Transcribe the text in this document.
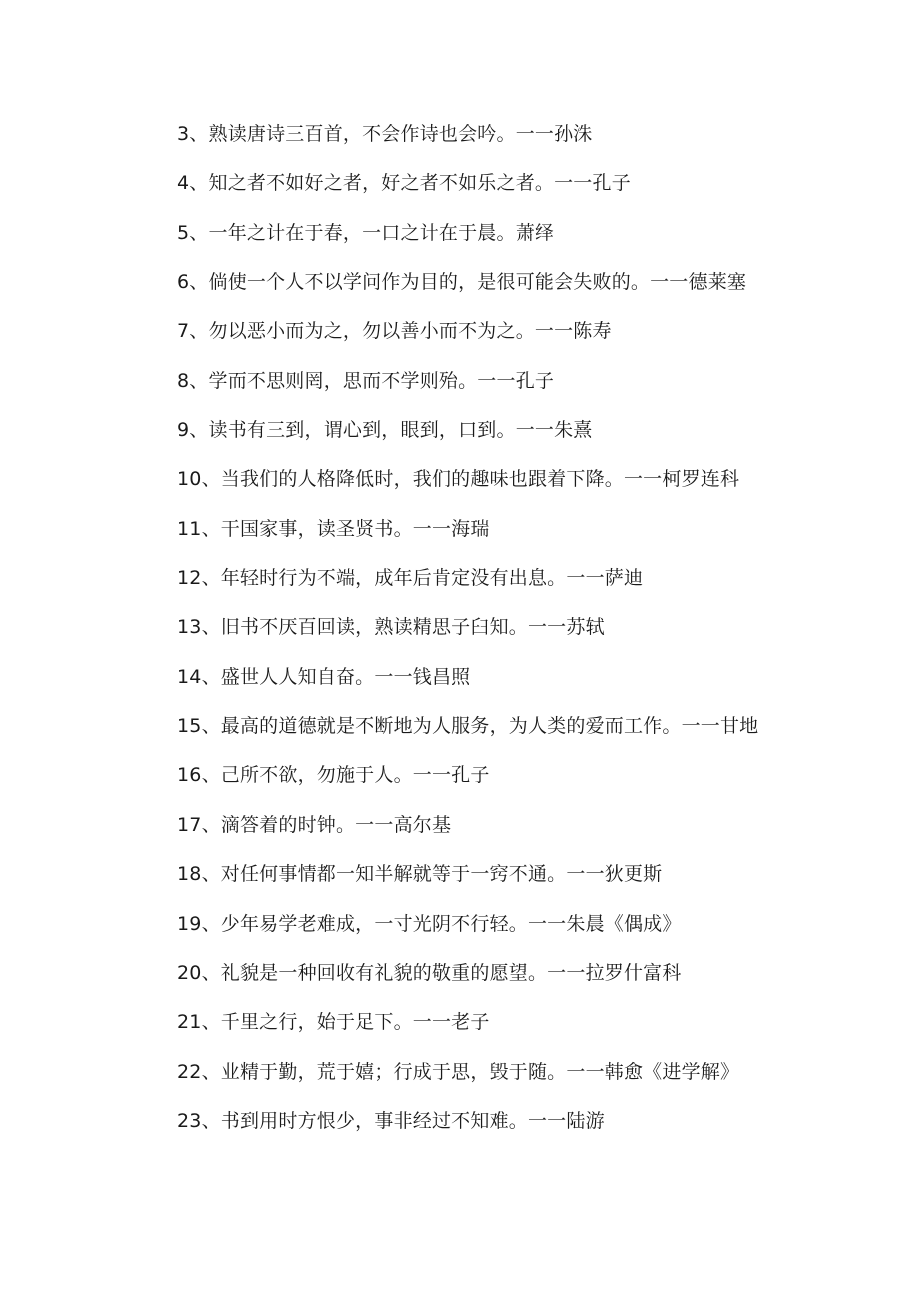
3、熟读唐诗三百首，不会作诗也会吟。一一孙洙
4、知之者不如好之者，好之者不如乐之者。一一孔子
5、一年之计在于春，一口之计在于晨。萧绎
6、倘使一个人不以学问作为目的，是很可能会失败的。一一德莱塞
7、勿以恶小而为之，勿以善小而不为之。一一陈寿
8、学而不思则罔，思而不学则殆。一一孔子
9、读书有三到，谓心到，眼到，口到。一一朱熹
10、当我们的人格降低时，我们的趣味也跟着下降。一一柯罗连科
11、干国家事，读圣贤书。一一海瑞
12、年轻时行为不端，成年后肯定没有出息。一一萨迪
13、旧书不厌百回读，熟读精思子臼知。一一苏轼
14、盛世人人知自奋。一一钱昌照
15、最高的道德就是不断地为人服务，为人类的爱而工作。一一甘地
16、己所不欲，勿施于人。一一孔子
17、滴答着的时钟。一一高尔基
18、对任何事情都一知半解就等于一窍不通。一一狄更斯
19、少年易学老难成，一寸光阴不行轻。一一朱晨《偶成》
20、礼貌是一种回收有礼貌的敬重的愿望。一一拉罗什富科
21、千里之行，始于足下。一一老子
22、业精于勤，荒于嬉；行成于思，毁于随。一一韩愈《进学解》
23、书到用时方恨少，事非经过不知难。一一陆游
